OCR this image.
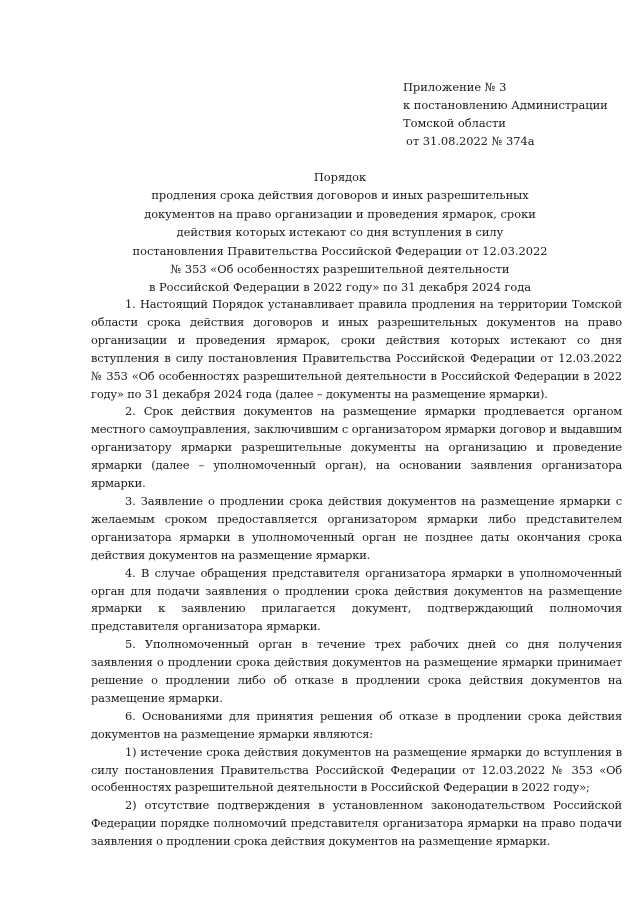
Приложение № 3
к постановлению Администрации
Томской области
от 31.08.2022 № 374а
Порядок
продления срока действия договоров и иных разрешительных
документов на право организации и проведения ярмарок, сроки
действия которых истекают со дня вступления в силу
постановления Правительства Российской Федерации от 12.03.2022
№ 353 «Об особенностях разрешительной деятельности
в Российской Федерации в 2022 году» по 31 декабря 2024 года

1. Настоящий Порядок устанавливает правила продления на территории Томской области срока действия договоров и иных разрешительных документов на право организации и проведения ярмарок, сроки действия которых истекают со дня вступления в силу постановления Правительства Российской Федерации от 12.03.2022 № 353 «Об особенностях разрешительной деятельности в Российской Федерации в 2022 году» по 31 декабря 2024 года (далее – документы на размещение ярмарки).

2. Срок действия документов на размещение ярмарки продлевается органом местного самоуправления, заключившим с организатором ярмарки договор и выдавшим организатору ярмарки разрешительные документы на организацию и проведение ярмарки (далее – уполномоченный орган), на основании заявления организатора ярмарки.

3. Заявление о продлении срока действия документов на размещение ярмарки с желаемым сроком предоставляется организатором ярмарки либо представителем организатора ярмарки в уполномоченный орган не позднее даты окончания срока действия документов на размещение ярмарки.

4. В случае обращения представителя организатора ярмарки в уполномоченный орган для подачи заявления о продлении срока действия документов на размещение ярмарки к заявлению прилагается документ, подтверждающий полномочия представителя организатора ярмарки.

5. Уполномоченный орган в течение трех рабочих дней со дня получения заявления о продлении срока действия документов на размещение ярмарки принимает решение о продлении либо об отказе в продлении срока действия документов на размещение ярмарки.

6. Основаниями для принятия решения об отказе в продлении срока действия документов на размещение ярмарки являются:

1) истечение срока действия документов на размещение ярмарки до вступления в силу постановления Правительства Российской Федерации от 12.03.2022 № 353 «Об особенностях разрешительной деятельности в Российской Федерации в 2022 году»;

2) отсутствие подтверждения в установленном законодательством Российской Федерации порядке полномочий представителя организатора ярмарки на право подачи заявления о продлении срока действия документов на размещение ярмарки.
